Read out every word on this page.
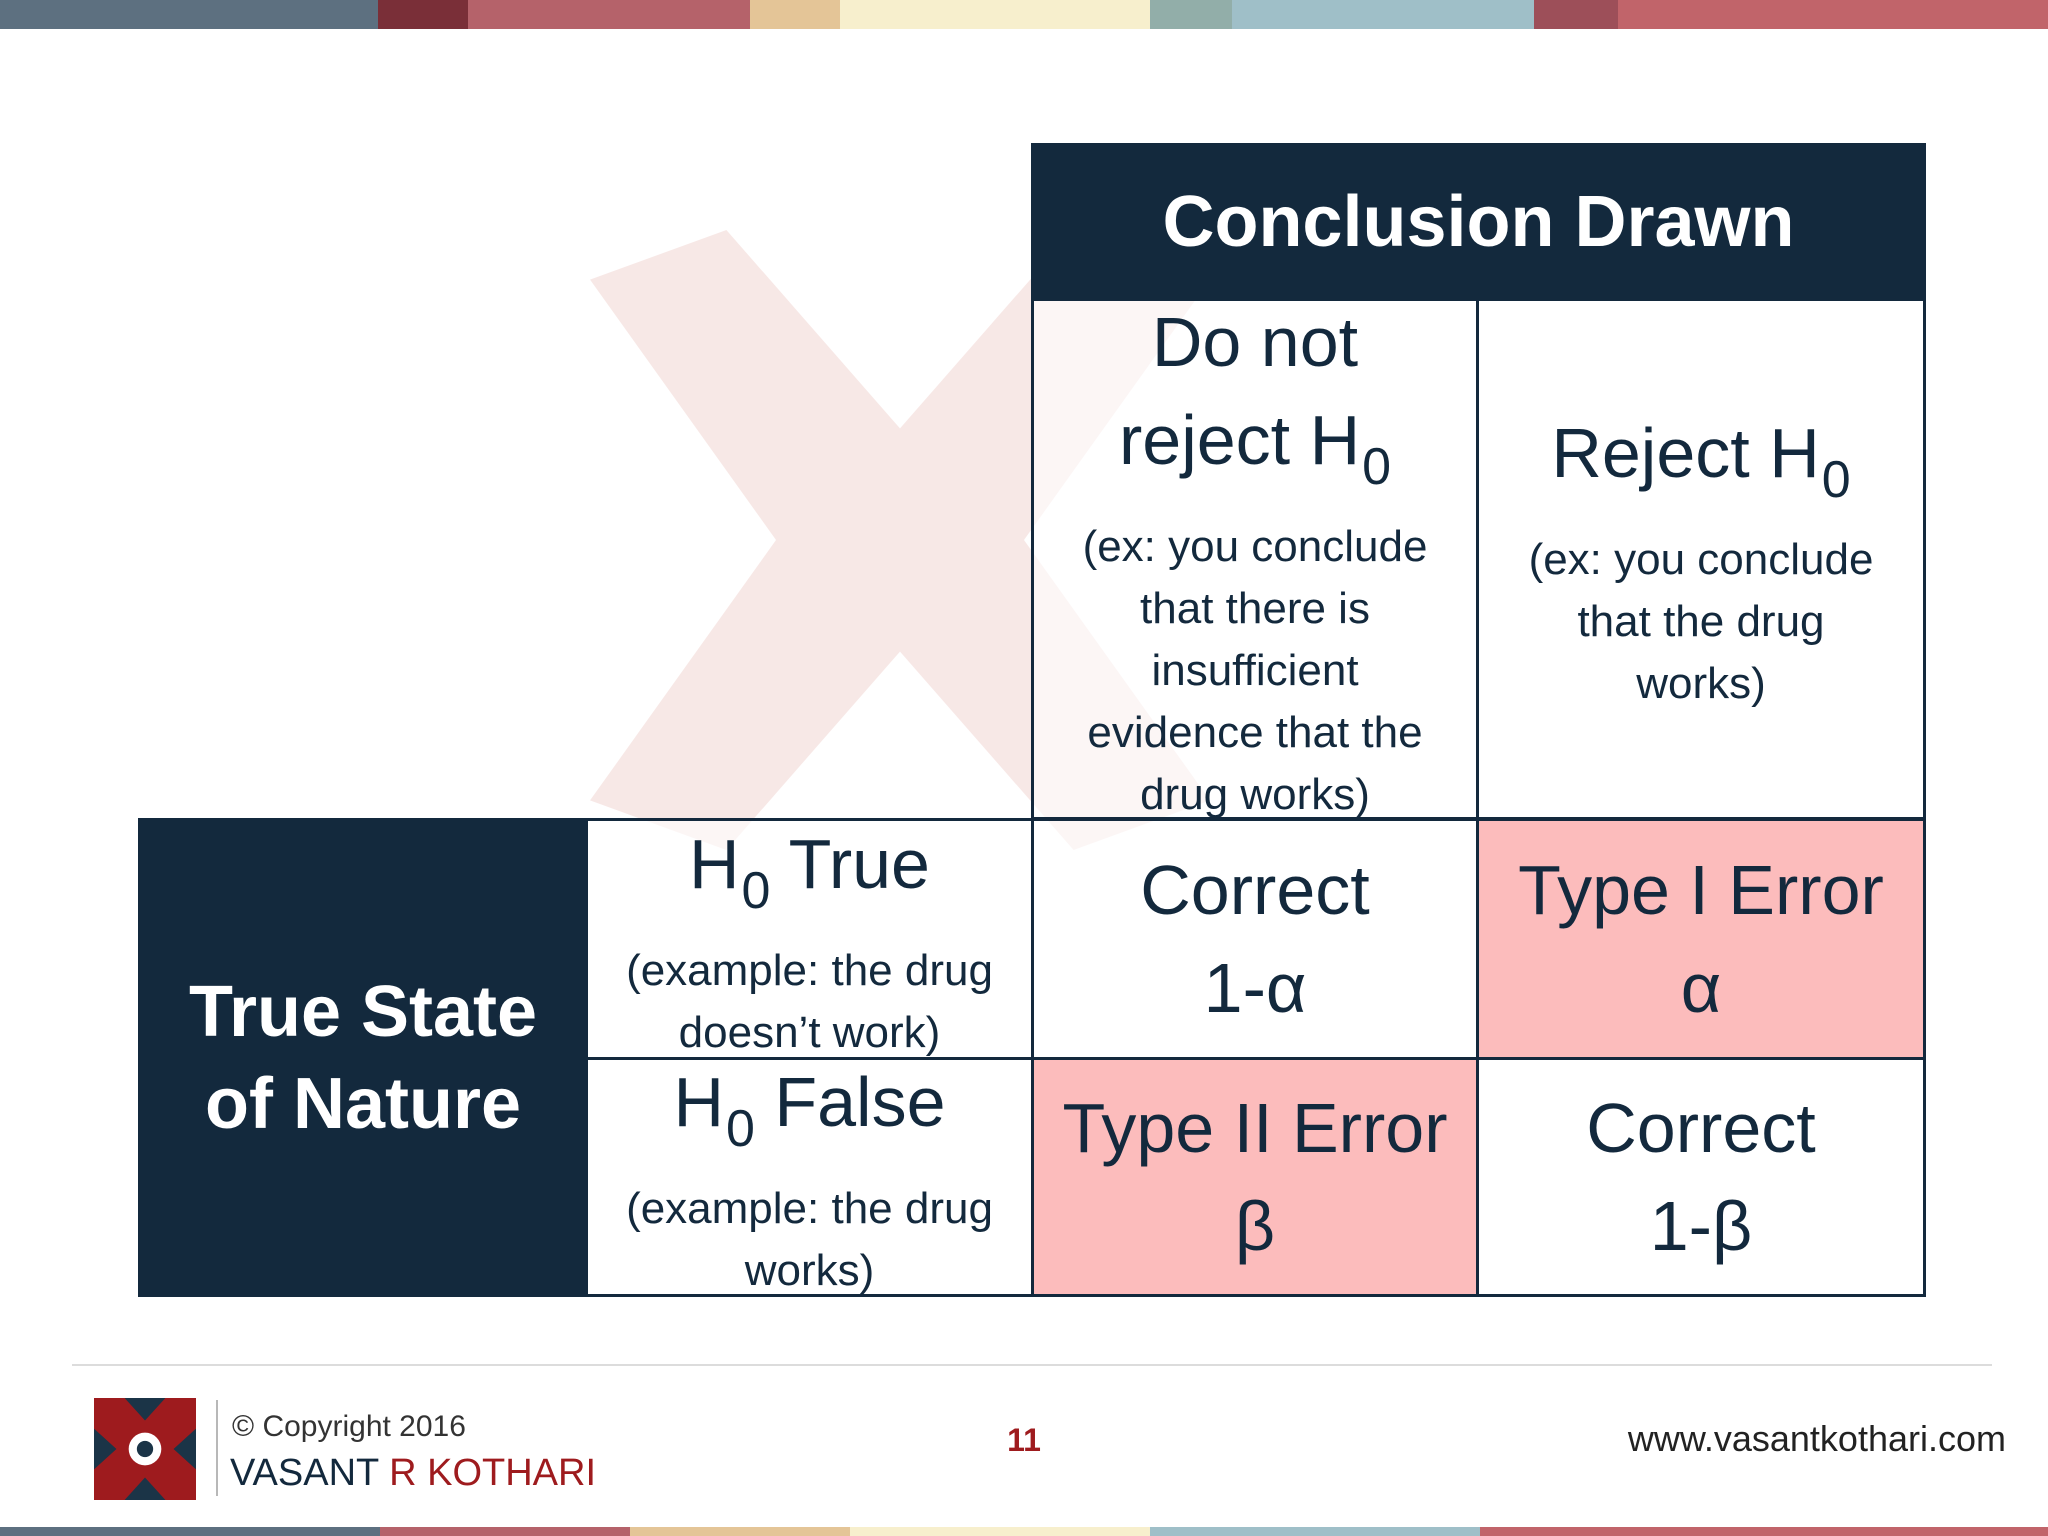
Conclusion Drawn
Do not
reject $H_0$
(ex: you conclude
that there is
insufficient
evidence that the
drug works)
Reject $H_0$
(ex: you conclude
that the drug
works)
True State
of Nature
$H_0$ True
(example: the drug
doesn’t work)
$H_0$ False
(example: the drug
works)
Correct
1-α
Type I Error
α
Type II Error
β
Correct
1-β
© Copyright 2016
VASANT R KOTHARI
11	www.vasantkothari.com
